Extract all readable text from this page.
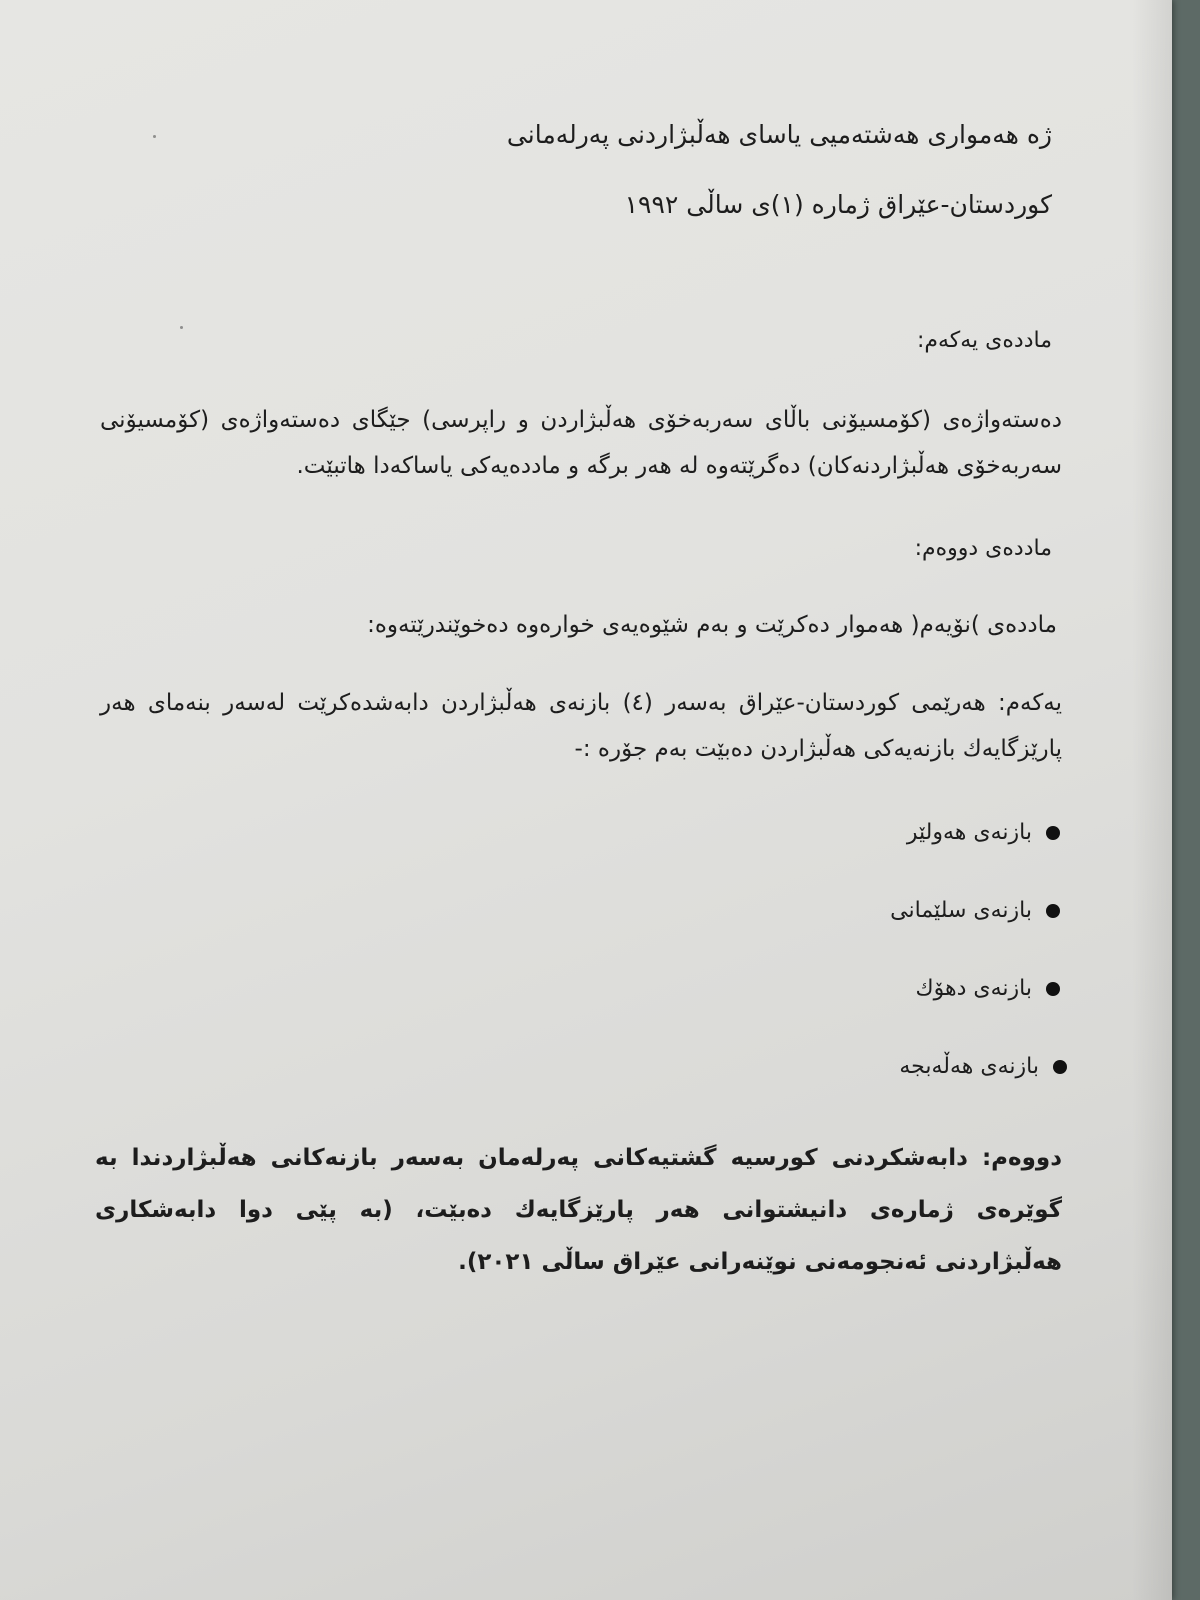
ژە هەمواری هەشتەمیی یاسای هەڵبژاردنی پەرلەمانی
كوردستان-عێراق ژمارە (١)ی ساڵی ١٩٩٢
ماددەی یەكەم:
دەستەواژەی (كۆمسیۆنی باڵای سەربەخۆی هەڵبژاردن و راپرسی) جێگای دەستەواژەی (كۆمسیۆنی سەربەخۆی هەڵبژاردنەكان) دەگرێتەوە لە هەر برگە و ماددەیەكی یاساكەدا هاتبێت.
ماددەی دووەم:
ماددەی )نۆیەم( هەموار دەكرێت و بەم شێوەیەی خوارەوە دەخوێندرێتەوە:
یەكەم: هەرێمی كوردستان-عێراق بەسەر (٤) بازنەی هەڵبژاردن دابەشدەكرێت لەسەر بنەمای هەر پارێزگایەك بازنەیەكی هەڵبژاردن دەبێت بەم جۆرە :-
بازنەی هەولێر
بازنەی سلێمانی
بازنەی دهۆك
بازنەی هەڵەبجە
دووەم: دابەشكردنی كورسیە گشتیەكانی پەرلەمان بەسەر بازنەكانی هەڵبژاردندا بە گوێرەی ژمارەی دانیشتوانی هەر پارێزگایەك دەبێت، (بە پێی دوا دابەشكاری هەڵبژاردنی ئەنجومەنی نوێنەرانی عێراق ساڵی ٢٠٢١).
